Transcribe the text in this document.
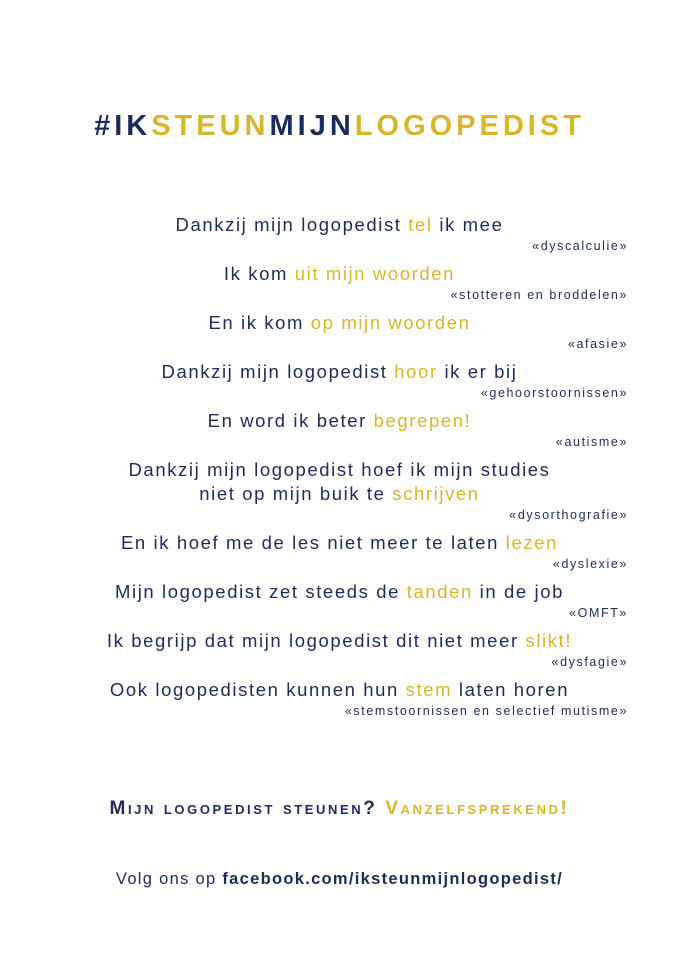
#IKSTEUNMIJNLOGOPEDIST
Dankzij mijn logopedist tel ik mee
«dyscalculie»
Ik kom uit mijn woorden
«stotteren en broddelen»
En ik kom op mijn woorden
«afasie»
Dankzij mijn logopedist hoor ik er bij
«gehoorstoornissen»
En word ik beter begrepen!
«autisme»
Dankzij mijn logopedist hoef ik mijn studies
niet op mijn buik te schrijven
«dysorthografie»
En ik hoef me de les niet meer te laten lezen
«dyslexie»
Mijn logopedist zet steeds de tanden in de job
«OMFT»
Ik begrijp dat mijn logopedist dit niet meer slikt!
«dysfagie»
Ook logopedisten kunnen hun stem laten horen
«stemstoornissen en selectief mutisme»
Mijn logopedist steunen? Vanzelfsprekend!
Volg ons op facebook.com/iksteunmijnlogopedist/
